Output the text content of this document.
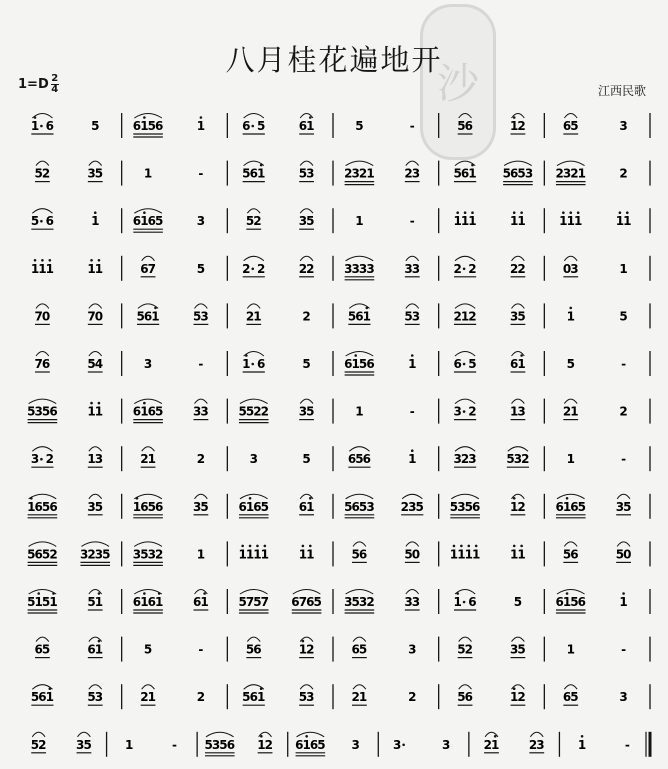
沙
八月桂花遍地开
$1=D \frac{2}{4}$	江西民歌
1 6	5	6 1 5 6	1	6 5	6 1	5	-	5 6	1 2	6 5	3
5 2	3 5	1	-	5 6 1	5 3 2 3 2 1 2 3	5 6 1 5 6 5 3 2 3 2 1	2
5 6	1	6 1 6 5	3	5 2	3 5	1	-	1 1 1	1 1	1 1 1	1 1
1 1 1	1 1	6 7	5	2 2	2 2 3 3 3 3 3 3	2 2	2 2	0 3	1
7 0	7 0	5 6 1	5 3	2 1	2	5 6 1	5 3	2 1 2	3 5	1	5
7 6	5 4	3	-	1 6	5	6 1 5 6	1	6 5	6 1	5	-
5 3 5 6 1 1 6 1 6 5 3 3 5 5 2 2 3 5	1	-	3 2	1 3	2 1	2
3 2	1 3	2 1	2	3	5	6 5 6	1	3 2 3 5 3 2	1	-
1 6 5 6 3 5 1 6 5 6 3 5 6 1 6 5 6 1 5 6 5 3 2 3 5 5 3 5 6 1 2 6 1 6 5 3 5
5 6 5 2 3 2 3 5 3 5 3 2	1	1 1 1 1 1 1	5 6	5 0 1 1 1 1 1 1	5 6	5 0
5 1 5 1 5 1 6 1 6 1 6 1 5 7 5 7 6 7 6 5 3 5 3 2 3 3	1 6	5	6 1 5 6	1
6 5	6 1	5	-	5 6	1 2	6 5	3	5 2	3 5	1	-
5 6 1	5 3	2 1	2	5 6 1	5 3	2 1	2	5 6	1 2	6 5	3
5 2 3 5	1	- 5 3 5 6 1 2 6 1 6 5 3	3	3	2 1 2 3	1	-
